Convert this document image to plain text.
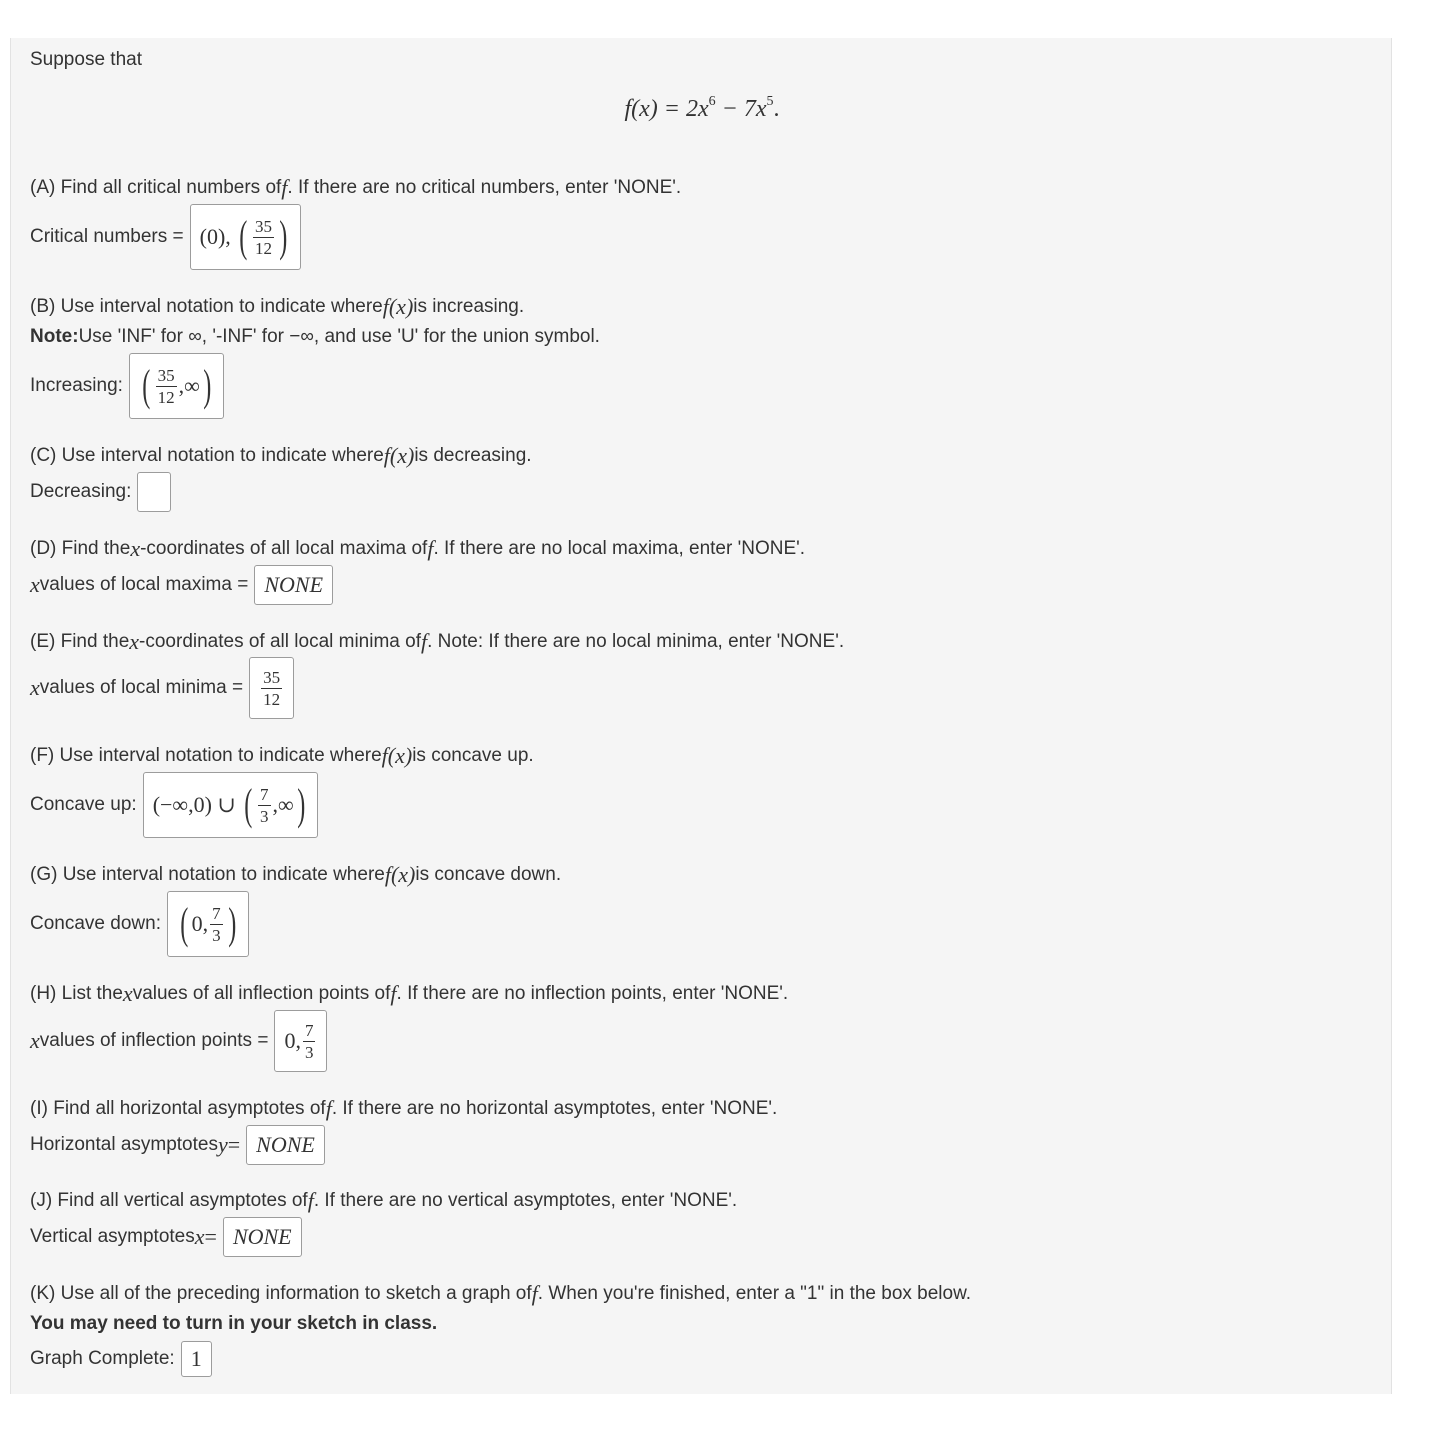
Suppose that
$f(x) = 2x^6 - 7x^5$.
(A) Find all critical numbers of f . If there are no critical numbers, enter 'NONE'.
Critical numbers = (0),
( $\frac{35}{12}$ )
(B) Use interval notation to indicate where f(x) is increasing.
Note: Use 'INF' for ∞, '-INF' for −∞, and use 'U' for the union symbol.
Increasing: ( $\frac{35}{12}$ ,∞ )
(C) Use interval notation to indicate where f(x) is decreasing.
Decreasing:
(D) Find the x -coordinates of all local maxima of f . If there are no local maxima, enter 'NONE'.
x values of local maxima = NONE
(E) Find the x -coordinates of all local minima of f . Note: If there are no local minima, enter 'NONE'.
x values of local minima = $\frac{35}{12}$
(F) Use interval notation to indicate where f(x) is concave up.
Concave up: (−∞,0) ∪
( $\frac{7}{3}$ ,∞ )
(G) Use interval notation to indicate where f(x) is concave down.
Concave down: ( 0, $\frac{7}{3}$ )
(H) List the x values of all inflection points of f . If there are no inflection points, enter 'NONE'.
x values of inflection points = 0, $\frac{7}{3}$
(I) Find all horizontal asymptotes of f . If there are no horizontal asymptotes, enter 'NONE'.
Horizontal asymptotes y = NONE
(J) Find all vertical asymptotes of f . If there are no vertical asymptotes, enter 'NONE'.
Vertical asymptotes x = NONE
(K) Use all of the preceding information to sketch a graph of f . When you're finished, enter a "1" in the box below.
You may need to turn in your sketch in class.
Graph Complete: 1
